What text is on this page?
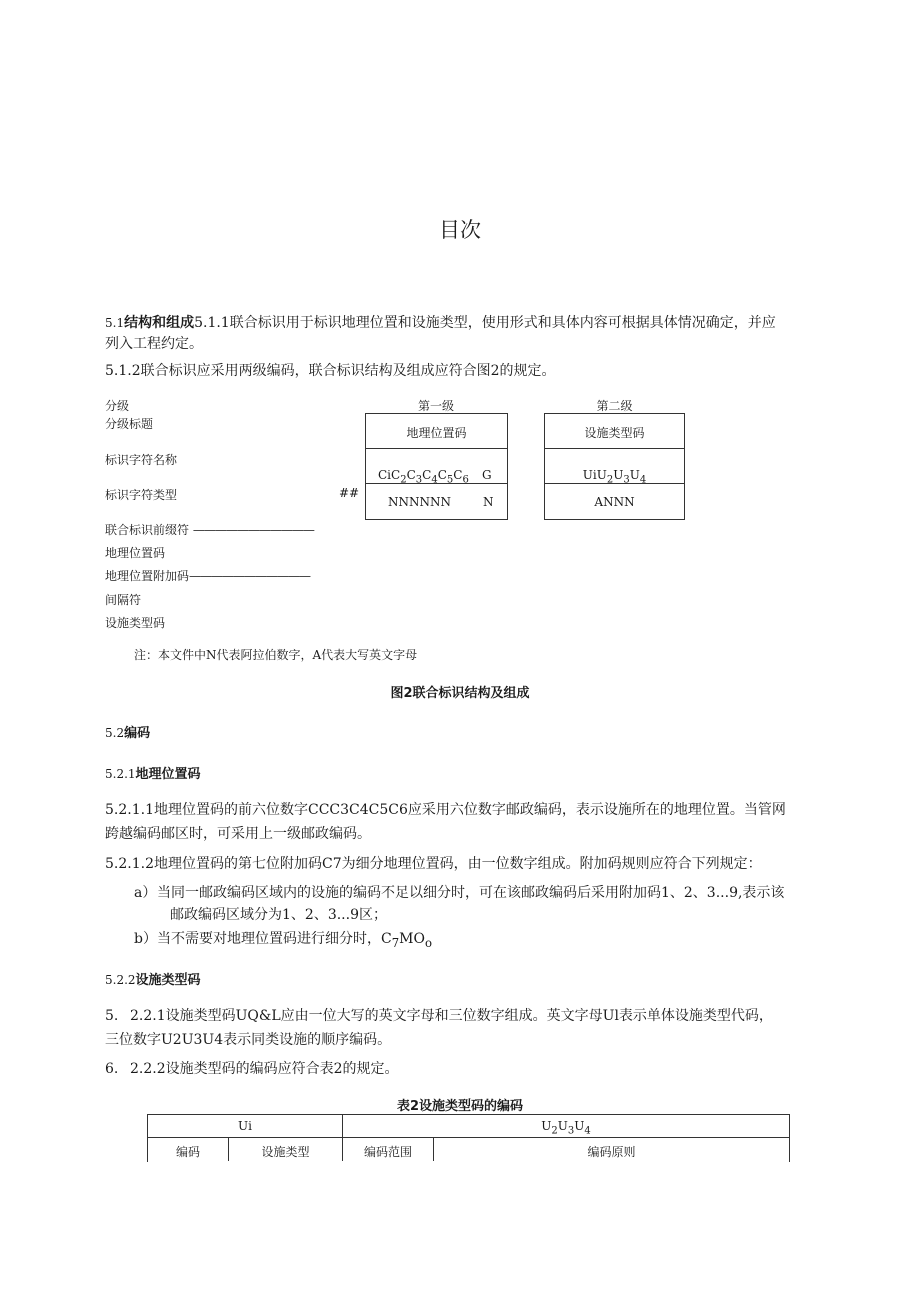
目次
5.1结构和组成5.1.1联合标识用于标识地理位置和设施类型，使用形式和具体内容可根据具体情况确定，并应
列入工程约定。
5.1.2联合标识应采用两级编码，联合标识结构及组成应符合图2的规定。
分级
分级标题
标识字符名称
标识字符类型	##
联合标识前缀符 ———————————
地理位置码
地理位置附加码———————————
间隔符
设施类型码
第一级
地理位置码
$CiC_2C_3C_4C_5C_6$ G
NNNNNN	N
第二级
设施类型码
$UiU_2U_3U_4$
ANNN
注：本文件中N代表阿拉伯数字，A代表大写英文字母
图2联合标识结构及组成
5.2编码
5.2.1地理位置码
5.2.1.1地理位置码的前六位数字CCC3C4C5C6应采用六位数字邮政编码，表示设施所在的地理位置。当管网
跨越编码邮区时，可采用上一级邮政编码。
5.2.1.2地理位置码的第七位附加码C7为细分地理位置码，由一位数字组成。附加码规则应符合下列规定：
a） 当同一邮政编码区域内的设施的编码不足以细分时，可在该邮政编码后采用附加码1、2、3...9,表示该
邮政编码区域分为1、2、3...9区；
b） 当不需要对地理位置码进行细分时，$C_7MO_o$
5.2.2设施类型码
5. 2.2.1设施类型码UQ&L应由一位大写的英文字母和三位数字组成。英文字母Ul表示单体设施类型代码，
三位数字U2U3U4表示同类设施的顺序编码。
6. 2.2.2设施类型码的编码应符合表2的规定。
表2设施类型码的编码
Ui	$U_2U_3U_4$
编码	设施类型	编码范围	编码原则
